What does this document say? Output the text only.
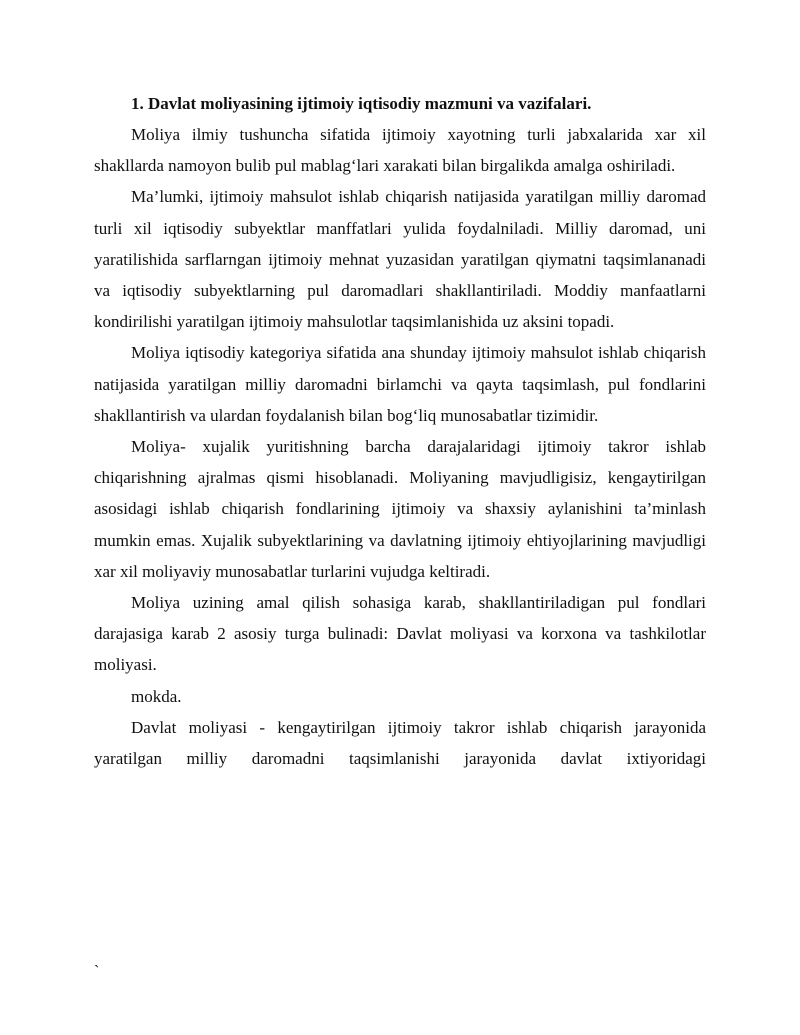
1. Davlat moliyasining ijtimoiy iqtisodiy mazmuni va vazifalari.

Moliya ilmiy tushuncha sifatida ijtimoiy xayotning turli jabxalarida xar xil shakllarda namoyon bulib pul mablag‘lari xarakati bilan birgalikda amalga oshiriladi.

Ma’lumki, ijtimoiy mahsulot ishlab chiqarish natijasida yaratilgan milliy daromad turli xil iqtisodiy subyektlar manffatlari yulida foydalniladi. Milliy daromad, uni yaratilishida sarflarngan ijtimoiy mehnat yuzasidan yaratilgan qiymatni taqsimlananadi va iqtisodiy subyektlarning pul daromadlari shakllantiriladi. Moddiy manfaatlarni kondirilishi yaratilgan ijtimoiy mahsulotlar taqsimlanishida uz aksini topadi.

Moliya iqtisodiy kategoriya sifatida ana shunday ijtimoiy mahsulot ishlab chiqarish natijasida yaratilgan milliy daromadni birlamchi va qayta taqsimlash, pul fondlarini shakllantirish va ulardan foydalanish bilan bog‘liq munosabatlar tizimidir.

Moliya- xujalik yuritishning barcha darajalaridagi ijtimoiy takror ishlab chiqarishning ajralmas qismi hisoblanadi. Moliyaning mavjudligisiz, kengaytirilgan asosidagi ishlab chiqarish fondlarining ijtimoiy va shaxsiy aylanishini ta’minlash mumkin emas. Xujalik subyektlarining va davlatning ijtimoiy ehtiyojlarining mavjudligi xar xil moliyaviy munosabatlar turlarini vujudga keltiradi.

Moliya uzining amal qilish sohasiga karab, shakllantiriladigan pul fondlari darajasiga karab 2 asosiy turga bulinadi: Davlat moliyasi va korxona va tashkilotlar moliyasi.

mokda.

Davlat moliyasi - kengaytirilgan ijtimoiy takror ishlab chiqarish jarayonida yaratilgan milliy daromadni taqsimlanishi jarayonida davlat ixtiyoridagi

`
